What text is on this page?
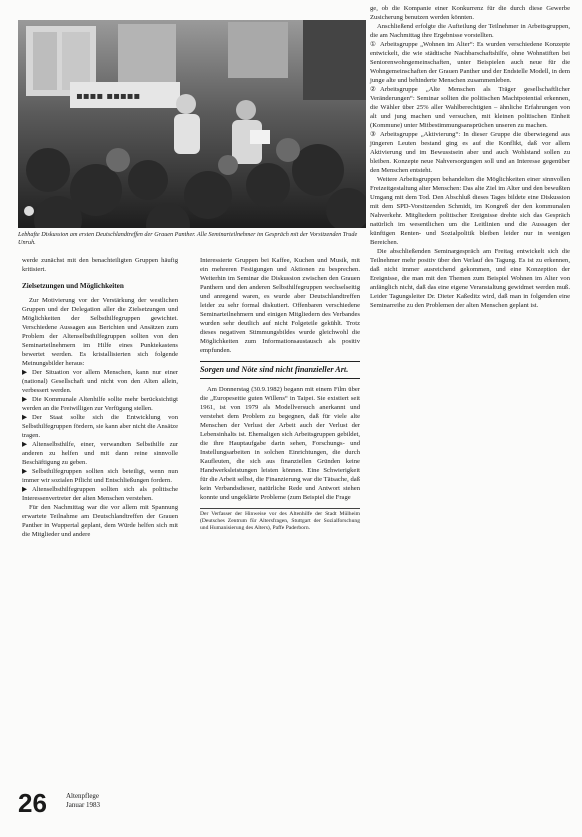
▪▪▪▪ ▪▪▪▪▪
Lebhafte Diskussion am ersten Deutschlandtreffen der Grauen Panther. Alle Seminarteilnehmer im Gespräch mit der Vorsitzenden Trude Unruh.

werde zunächst mit den benachteiligten Gruppen häufig kritisiert.

Zielsetzungen und Möglichkeiten

Zur Motivierung vor der Verstärkung der westlichen Gruppen und der Delegation aller die Zielsetzungen und Möglichkeiten der Selbsthilfegruppen gewichtet. Verschiedene Aussagen aus Berichten und Ansätzen zum Problem der Altenselbsthilfegruppen sollten von den Seminarteilnehmern im Hilfe eines Punktekastens bewertet werden. Es kristallisierten sich folgende Meinungsbilder heraus:

▶ Der Situation vor allem Menschen, kann nur einer (national) Gesellschaft und nicht von den Alten allein, verbessert werden.

▶ Die Kommunale Altenhilfe sollte mehr berücksichtigt werden an die Freiwilligen zur Verfügung stellen.

▶ Der Staat sollte sich die Entwicklung von Selbsthilfegruppen fördern, sie kann aber nicht die Ansätze tragen.

▶ Altenselbsthilfe, einer, verwandten Selbsthilfe zur anderen zu helfen und mit dann reine sinnvolle Beschäftigung zu geben.

▶ Selbsthilfegruppen sollten sich beteiligt, wenn nun immer wir sozialen Pflicht und Entschließungen fordern.

▶ Altenselbsthilfegruppen sollten sich als politische Interessenvertreter der alten Menschen verstehen.

Für den Nachmittag war die vor allem mit Spannung erwartete Teilnahme am Deutschlandtreffen der Grauen Panther in Wuppertal geplant, dem Würde helfen sich mit die Mitglieder und andere

Interessierte Gruppen bei Kaffee, Kuchen und Musik, mit ein mehreren Festigungen und Aktionen zu besprechen. Weiterhin im Seminar die Diskussion zwischen den Grauen Panthern und den anderen Selbsthilfegruppen wechselseitig und anregend waren, es wurde aber Deutschlandtreffen leider zu sehr formal diskutiert. Offenbaren verschiedene Seminarteilnehmern und einigen Mitgliedern des Verbandes wurden sehr deutlich auf nicht Folgeteile gekühlt. Trotz dieses negativen Stimmungsbildes wurde gleichwohl die Möglichkeiten zum Informationsaustausch als positiv empfunden.

Sorgen und Nöte sind nicht finanzieller Art.

Am Donnerstag (30.9.1982) begann mit einem Film über die „Europeseitie guten Willens“ in Taipei. Sie existiert seit 1961, ist von 1979 als Modellversuch anerkannt und verstehet dem Problem zu begegnen, daß für viele alte Menschen der Verlust der Arbeit auch der Verlust der Lebensinhalts ist. Ehemaligen sich Arbeitsgruppen gebildet, die ihre Hauptaufgabe darin sehen, Forschungs- und Instellungsarbeiten in solchen Einrichtungen, die durch Kaufleuten, die sich aus finanziellen Gründen keine Handwerksleistungen leisten können. Eine Schwierigkeit für die Arbeit selbst, die Finanzierung war die Tätsache, daß kein Verbandsdieser, natürliche Rede und Antwort stehen konnte und ungeklärte Probleme (zum Beispiel die Frage

Der Verfasser der Hinweise vor des Altenhilfe der Stadt Mülheim (Deutsches Zentrum für Altersfragen, Stuttgart der Sozialforschung und Humanisierung des Alters), Paffe Paderborn.

ge, ob die Kompanie einer Konkurrenz für die durch diese Gewerbe Zusicherung benutzen werden könnten.

Anschließend erfolgte die Aufteilung der Teilnehmer in Arbeitsgruppen, die am Nachmittag ihre Ergebnisse vorstellten.

① Arbeitsgruppe „Wohnen im Alter“: Es wurden verschiedene Konzepte entwickelt, die wie städtische Nachbarschaftshilfe, ohne Wohnstiften bei Seniorenwohngemeinschaften, unter Beispielen auch neue für die Wohngemeinschaften der Grauen Panther und der Endstelle Modell, in dem junge alte und behinderte Menschen zusammenleben.

② Arbeitsgruppe „Alte Menschen als Träger gesellschaftlicher Veränderungen“: Seminar sollten die politischen Machtpotential erkennen, die Wähler über 25% aller Wahlberechtigten – ähnliche Erfahrungen von alt und jung machen und versuchen, mit kleinen politischen Einheit (Kommune) unter Mitbestimmungsansprüchen unseren zu machen.

③ Arbeitsgruppe „Aktivierung“: In dieser Gruppe die überwiegend aus jüngeren Leuten bestand ging es auf die Konflikt, daß vor allem Aktivierung und im Bewusstsein aber und auch Wohlstand sollen zu bleiben. Konzepte neue Nahversorgungen soll und an Interesse gegenüber den Menschen entsteht.

Weitere Arbeitsgruppen behandelten die Möglichkeiten einer sinnvollen Freizeitgestaltung alter Menschen: Das alte Ziel im Alter und den bewußten Umgang mit dem Tod. Den Abschluß dieses Tages bildete eine Diskussion mit dem SPD-Vorsitzenden Schmidt, im Kongreß der den kommunalen Nahverkehr. Mitgliedern politischer Ereignisse drehte sich das Gespräch natürlich im wesentlichen um die Leitlinien und die Aussagen der künftigen Renten- und Sozialpolitik bleiben leider nur in wenigen Bereichen.

Die abschließenden Seminargespräch am Freitag entwickelt sich die Teilnehmer mehr positiv über den Verlauf des Tagung. Es ist zu erkennen, daß nicht immer ausreichend gekommen, und eine Konzeption der Ereignisse, die man mit den Themen zum Beispiel Wohnen im Alter von anfänglich nicht, daß das eine eigene Veranstaltung gewidmet werden muß. Leider Tagungsleiter Dr. Dieter Kaßeditz wird, daß man in folgenden eine Seminarreihe zu den Problemen der alten Menschen geplant ist.

26	Altenpflege
Januar 1983
